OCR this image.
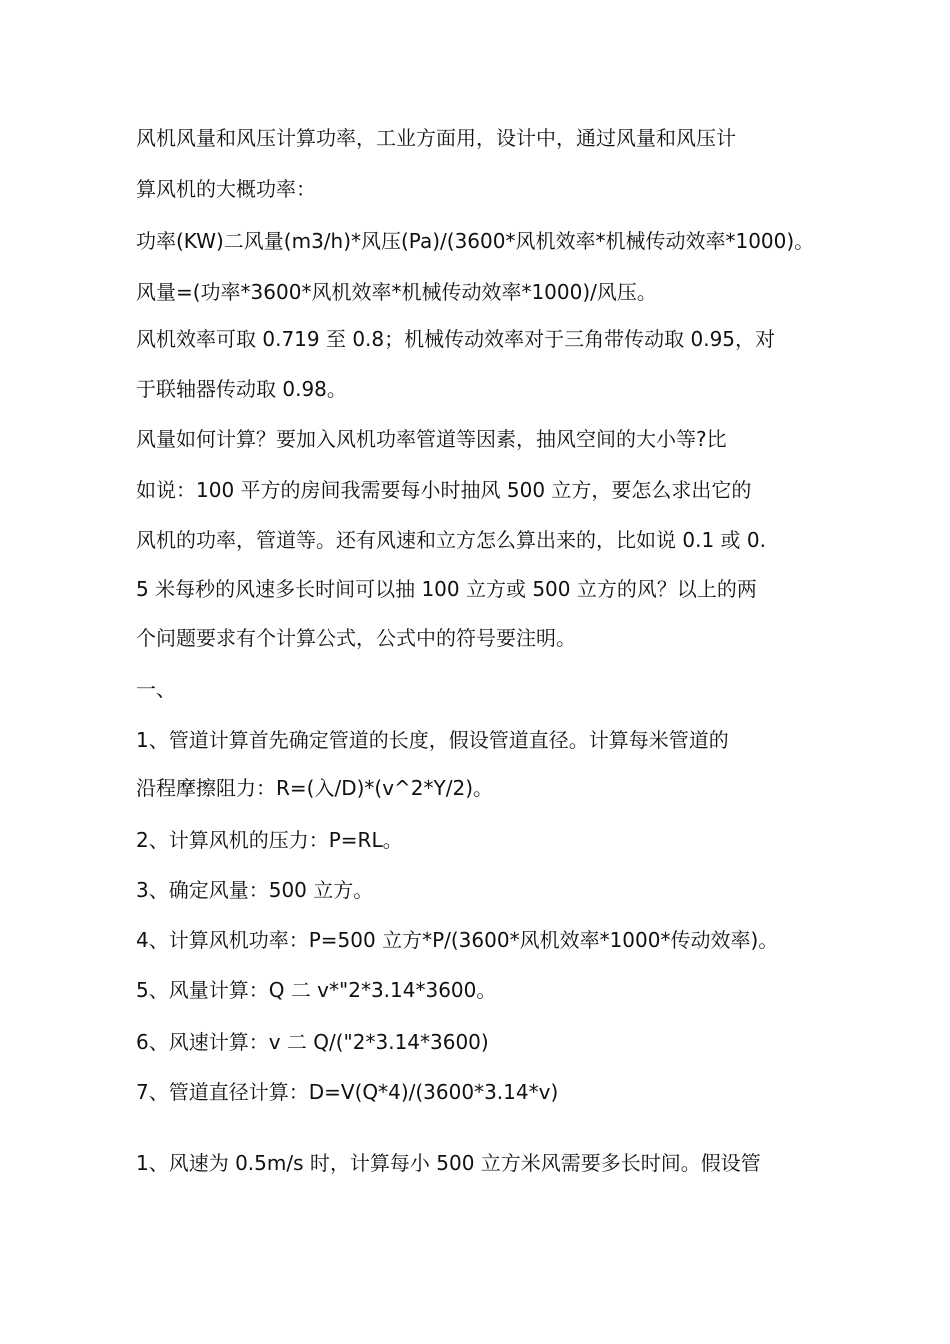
风机风量和风压计算功率，工业方面用，设计中，通过风量和风压计
算风机的大概功率：
功率(KW)二风量(m3/h)*风压(Pa)/(3600*风机效率*机械传动效率*1000)。
风量=(功率*3600*风机效率*机械传动效率*1000)/风压。
风机效率可取 0.719 至 0.8；机械传动效率对于三角带传动取 0.95，对
于联轴器传动取 0.98。
风量如何计算？要加入风机功率管道等因素，抽风空间的大小等?比
如说：100 平方的房间我需要每小时抽风 500 立方，要怎么求出它的
风机的功率，管道等。还有风速和立方怎么算出来的，比如说 0.1 或 0.
5 米每秒的风速多长时间可以抽 100 立方或 500 立方的风？以上的两
个问题要求有个计算公式，公式中的符号要注明。
一、
1、管道计算首先确定管道的长度，假设管道直径。计算每米管道的
沿程摩擦阻力：R=(入/D)*(v^2*Y/2)。
2、计算风机的压力：P=RL。
3、确定风量：500 立方。
4、计算风机功率：P=500 立方*P/(3600*风机效率*1000*传动效率)。
5、风量计算：Q 二 v*"2*3.14*3600。
6、风速计算：v 二 Q/("2*3.14*3600)
7、管道直径计算：D=V(Q*4)/(3600*3.14*v)
1、风速为 0.5m/s 时，计算每小 500 立方米风需要多长时间。假设管
